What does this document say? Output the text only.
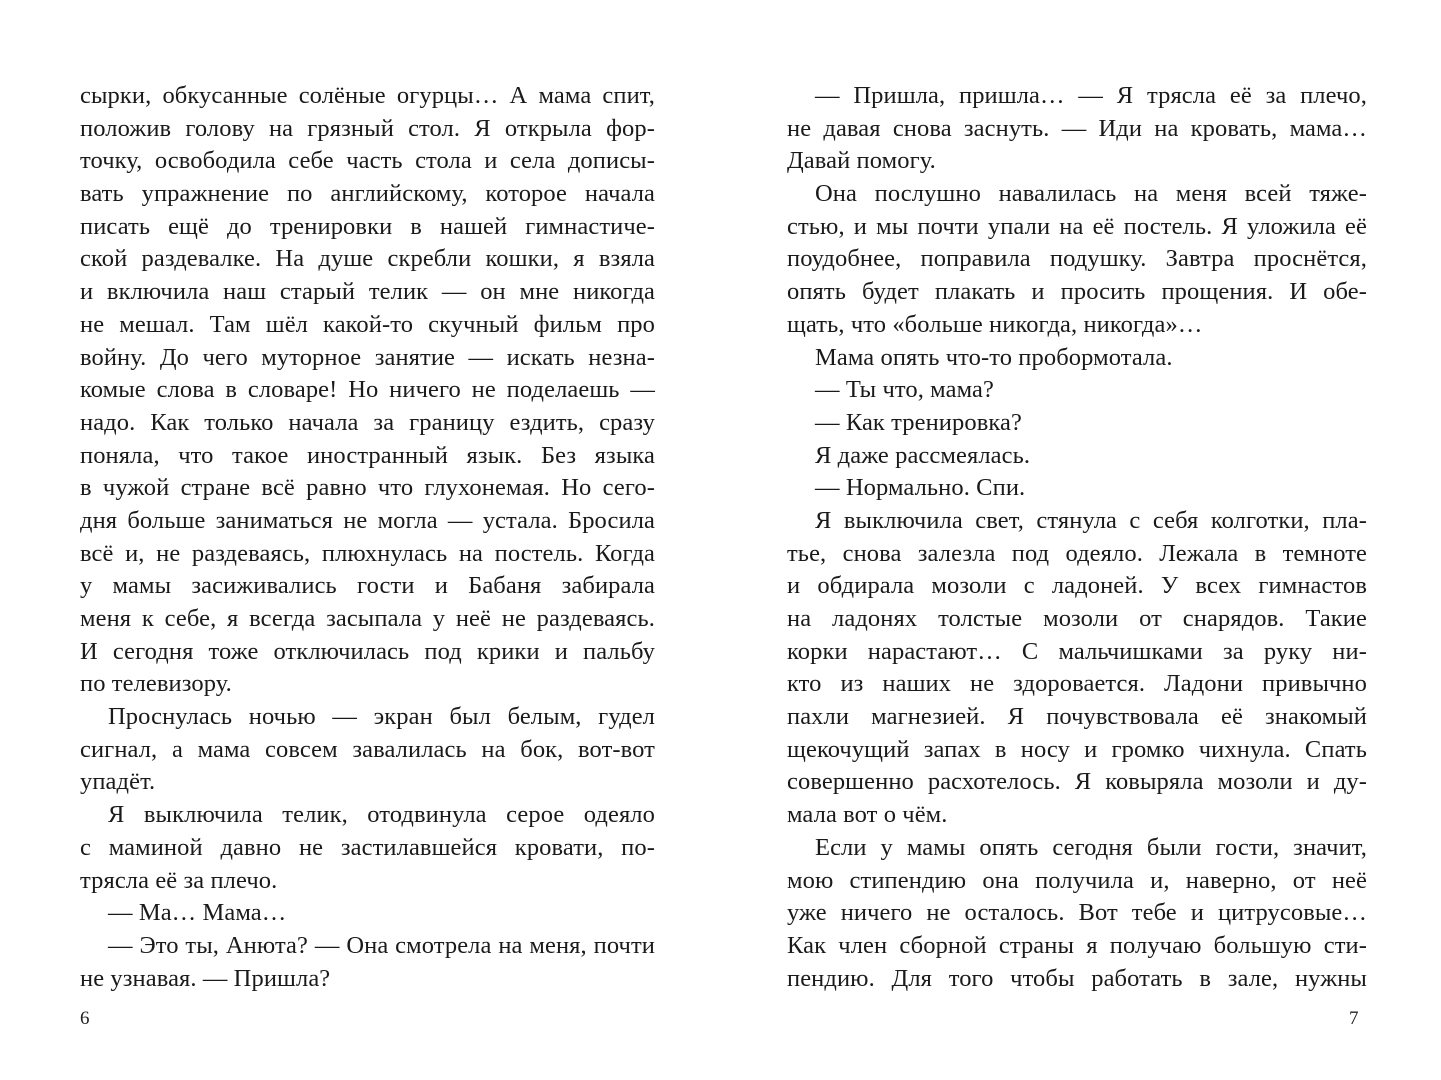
сырки, обкусанные солёные огурцы… А мама спит,
положив голову на грязный стол. Я открыла фор-
точку, освободила себе часть стола и села дописы-
вать упражнение по английскому, которое начала
писать ещё до тренировки в нашей гимнастиче-
ской раздевалке. На душе скребли кошки, я взяла
и включила наш старый телик — он мне никогда
не мешал. Там шёл какой-то скучный фильм про
войну. До чего муторное занятие — искать незна-
комые слова в словаре! Но ничего не поделаешь —
надо. Как только начала за границу ездить, сразу
поняла, что такое иностранный язык. Без языка
в чужой стране всё равно что глухонемая. Но сего-
дня больше заниматься не могла — устала. Бросила
всё и, не раздеваясь, плюхнулась на постель. Когда
у мамы засиживались гости и Бабаня забирала
меня к себе, я всегда засыпала у неё не раздеваясь.
И сегодня тоже отключилась под крики и пальбу
по телевизору.
Проснулась ночью — экран был белым, гудел
сигнал, а мама совсем завалилась на бок, вот-вот
упадёт.
Я выключила телик, отодвинула серое одеяло
с маминой давно не застилавшейся кровати, по-
трясла её за плечо.
— Ма… Мама…
— Это ты, Анюта? — Она смотрела на меня, почти
не узнавая. — Пришла?
6
— Пришла, пришла… — Я трясла её за плечо,
не давая снова заснуть. — Иди на кровать, мама…
Давай помогу.
Она послушно навалилась на меня всей тяже-
стью, и мы почти упали на её постель. Я уложила её
поудобнее, поправила подушку. Завтра проснётся,
опять будет плакать и просить прощения. И обе-
щать, что «больше никогда, никогда»…
Мама опять что-то пробормотала.
— Ты что, мама?
— Как тренировка?
Я даже рассмеялась.
— Нормально. Спи.
Я выключила свет, стянула с себя колготки, пла-
тье, снова залезла под одеяло. Лежала в темноте
и обдирала мозоли с ладоней. У всех гимнастов
на ладонях толстые мозоли от снарядов. Такие
корки нарастают… С мальчишками за руку ни-
кто из наших не здоровается. Ладони привычно
пахли магнезией. Я почувствовала её знакомый
щекочущий запах в носу и громко чихнула. Спать
совершенно расхотелось. Я ковыряла мозоли и ду-
мала вот о чём.
Если у мамы опять сегодня были гости, значит,
мою стипендию она получила и, наверно, от неё
уже ничего не осталось. Вот тебе и цитрусовые…
Как член сборной страны я получаю большую сти-
пендию. Для того чтобы работать в зале, нужны
7
